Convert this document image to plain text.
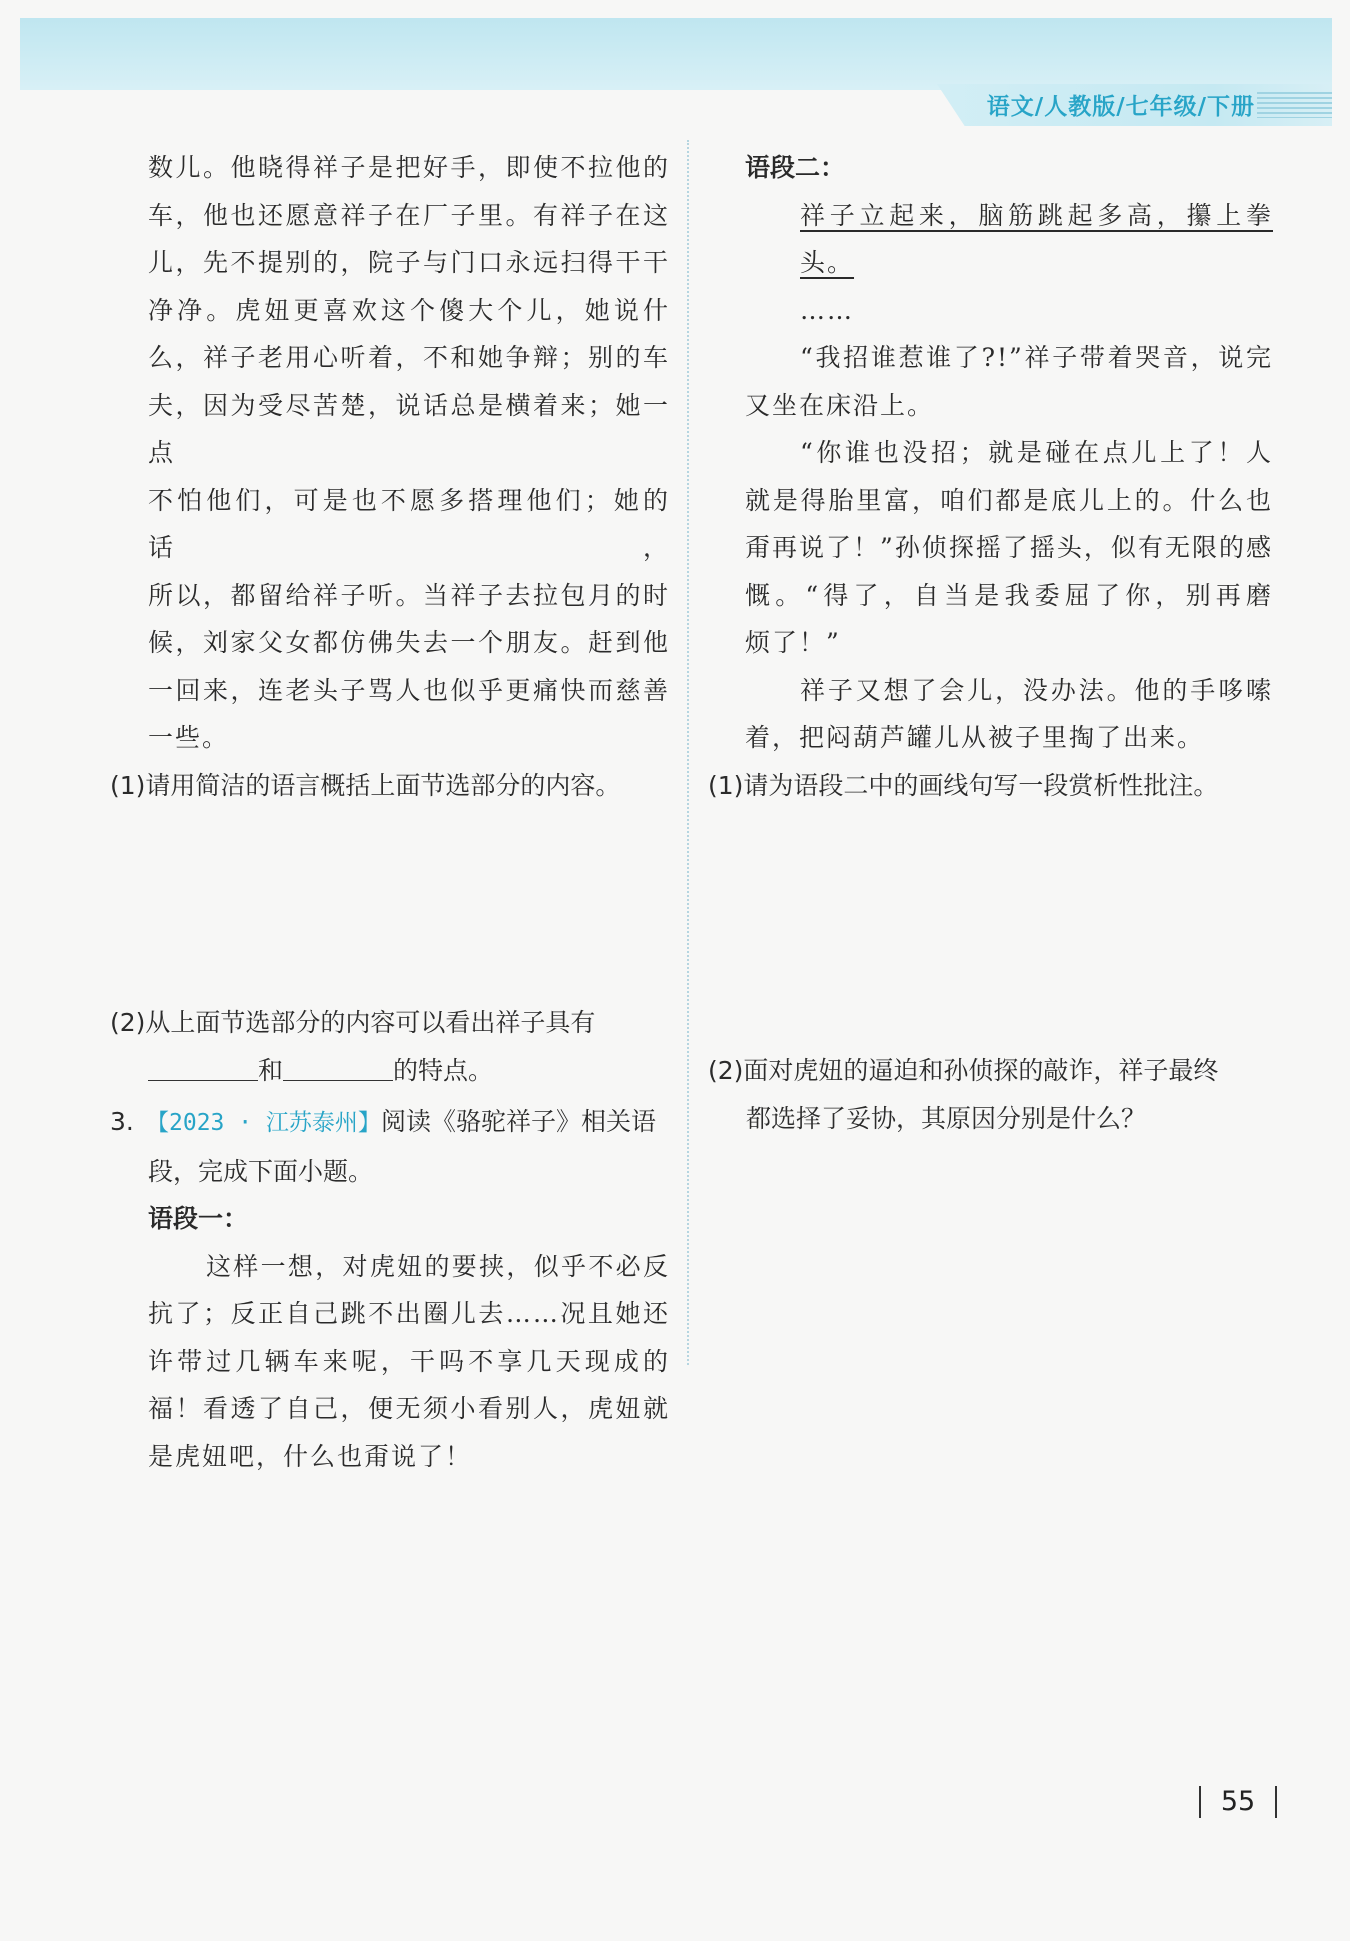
语文/人教版/七年级/下册
数儿。他晓得祥子是把好手，即使不拉他的
车，他也还愿意祥子在厂子里。有祥子在这
儿，先不提别的，院子与门口永远扫得干干
净净。虎妞更喜欢这个傻大个儿，她说什
么，祥子老用心听着，不和她争辩；别的车
夫，因为受尽苦楚，说话总是横着来；她一点
不怕他们，可是也不愿多搭理他们；她的话，
所以，都留给祥子听。当祥子去拉包月的时
候，刘家父女都仿佛失去一个朋友。赶到他
一回来，连老头子骂人也似乎更痛快而慈善
一些。
(1)请用简洁的语言概括上面节选部分的内容。
(2)从上面节选部分的内容可以看出祥子具有
和	的特点。
3. 【2023 · 江苏泰州】阅读《骆驼祥子》相关语
段，完成下面小题。
语段一：
这样一想，对虎妞的要挟，似乎不必反
抗了；反正自己跳不出圈儿去……况且她还
许带过几辆车来呢，干吗不享几天现成的
福！看透了自己，便无须小看别人，虎妞就
是虎妞吧，什么也甭说了！
语段二：
祥子立起来，脑筋跳起多高，攥上拳头。
……
“我招谁惹谁了?!”祥子带着哭音，说完
又坐在床沿上。
“你谁也没招；就是碰在点儿上了！人
就是得胎里富，咱们都是底儿上的。什么也
甭再说了！”孙侦探摇了摇头，似有无限的感
慨。“得了，自当是我委屈了你，别再磨
烦了！”
祥子又想了会儿，没办法。他的手哆嗦
着，把闷葫芦罐儿从被子里掏了出来。
(1)请为语段二中的画线句写一段赏析性批注。
(2)面对虎妞的逼迫和孙侦探的敲诈，祥子最终
都选择了妥协，其原因分别是什么？
55
